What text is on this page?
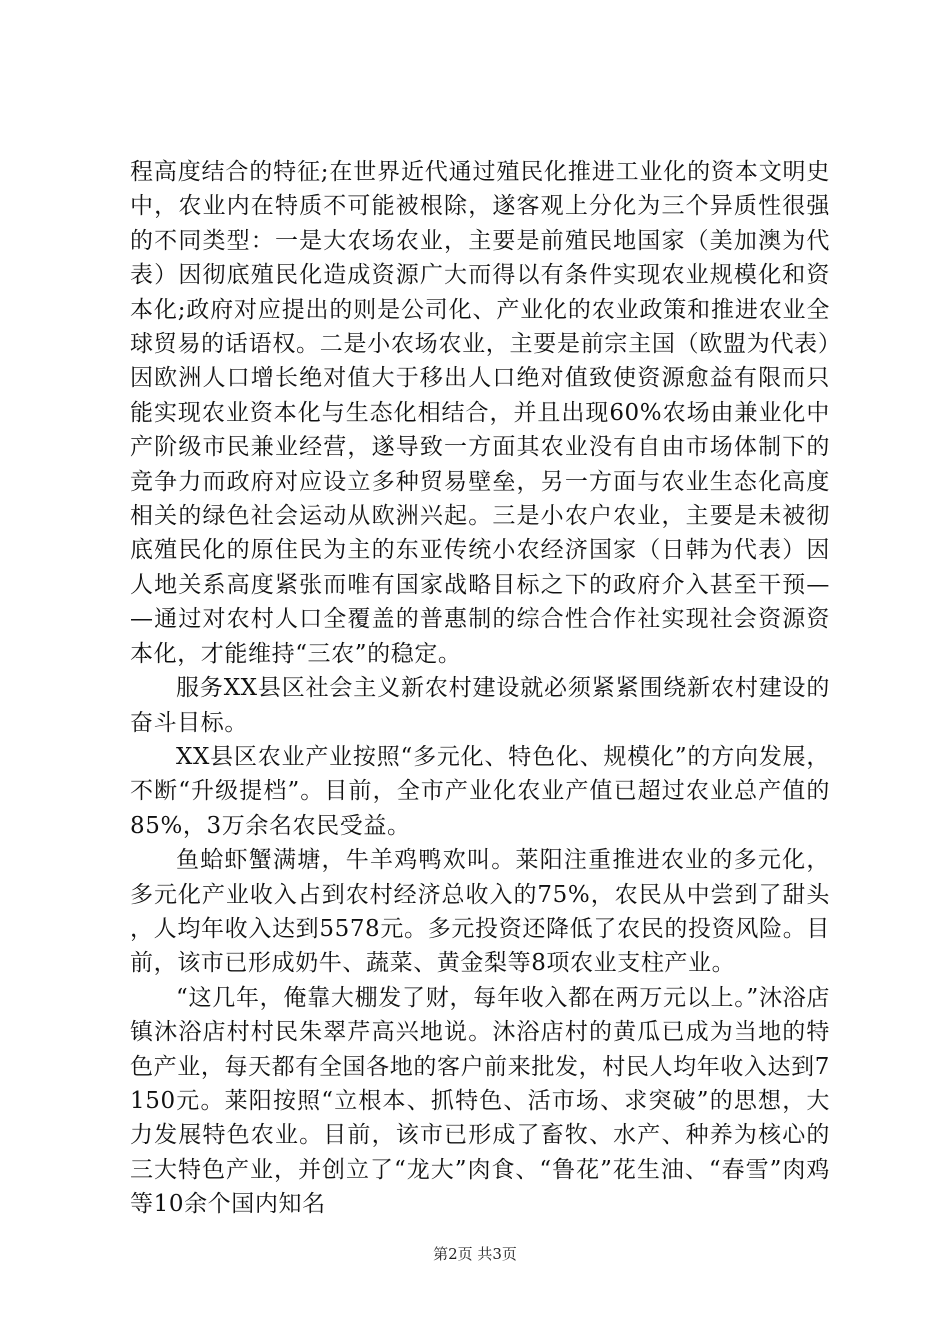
程高度结合的特征;在世界近代通过殖民化推进工业化的资本文明史中，农业内在特质不可能被根除，遂客观上分化为三个异质性很强的不同类型：一是大农场农业，主要是前殖民地国家（美加澳为代表）因彻底殖民化造成资源广大而得以有条件实现农业规模化和资本化;政府对应提出的则是公司化、产业化的农业政策和推进农业全球贸易的话语权。二是小农场农业，主要是前宗主国（欧盟为代表）因欧洲人口增长绝对值大于移出人口绝对值致使资源愈益有限而只能实现农业资本化与生态化相结合，并且出现60%农场由兼业化中产阶级市民兼业经营，遂导致一方面其农业没有自由市场体制下的竞争力而政府对应设立多种贸易壁垒，另一方面与农业生态化高度相关的绿色社会运动从欧洲兴起。三是小农户农业，主要是未被彻底殖民化的原住民为主的东亚传统小农经济国家（日韩为代表）因人地关系高度紧张而唯有国家战略目标之下的政府介入甚至干预——通过对农村人口全覆盖的普惠制的综合性合作社实现社会资源资本化，才能维持“三农”的稳定。

服务XX县区社会主义新农村建设就必须紧紧围绕新农村建设的奋斗目标。

XX县区农业产业按照“多元化、特色化、规模化”的方向发展，不断“升级提档”。目前，全市产业化农业产值已超过农业总产值的85%，3万余名农民受益。

鱼蛤虾蟹满塘，牛羊鸡鸭欢叫。莱阳注重推进农业的多元化，多元化产业收入占到农村经济总收入的75%，农民从中尝到了甜头，人均年收入达到5578元。多元投资还降低了农民的投资风险。目前，该市已形成奶牛、蔬菜、黄金梨等8项农业支柱产业。

“这几年，俺靠大棚发了财，每年收入都在两万元以上。”沐浴店镇沐浴店村村民朱翠芹高兴地说。沐浴店村的黄瓜已成为当地的特色产业，每天都有全国各地的客户前来批发，村民人均年收入达到7150元。莱阳按照“立根本、抓特色、活市场、求突破”的思想，大力发展特色农业。目前，该市已形成了畜牧、水产、种养为核心的三大特色产业，并创立了“龙大”肉食、“鲁花”花生油、“春雪”肉鸡等10余个国内知名

第2页 共3页
